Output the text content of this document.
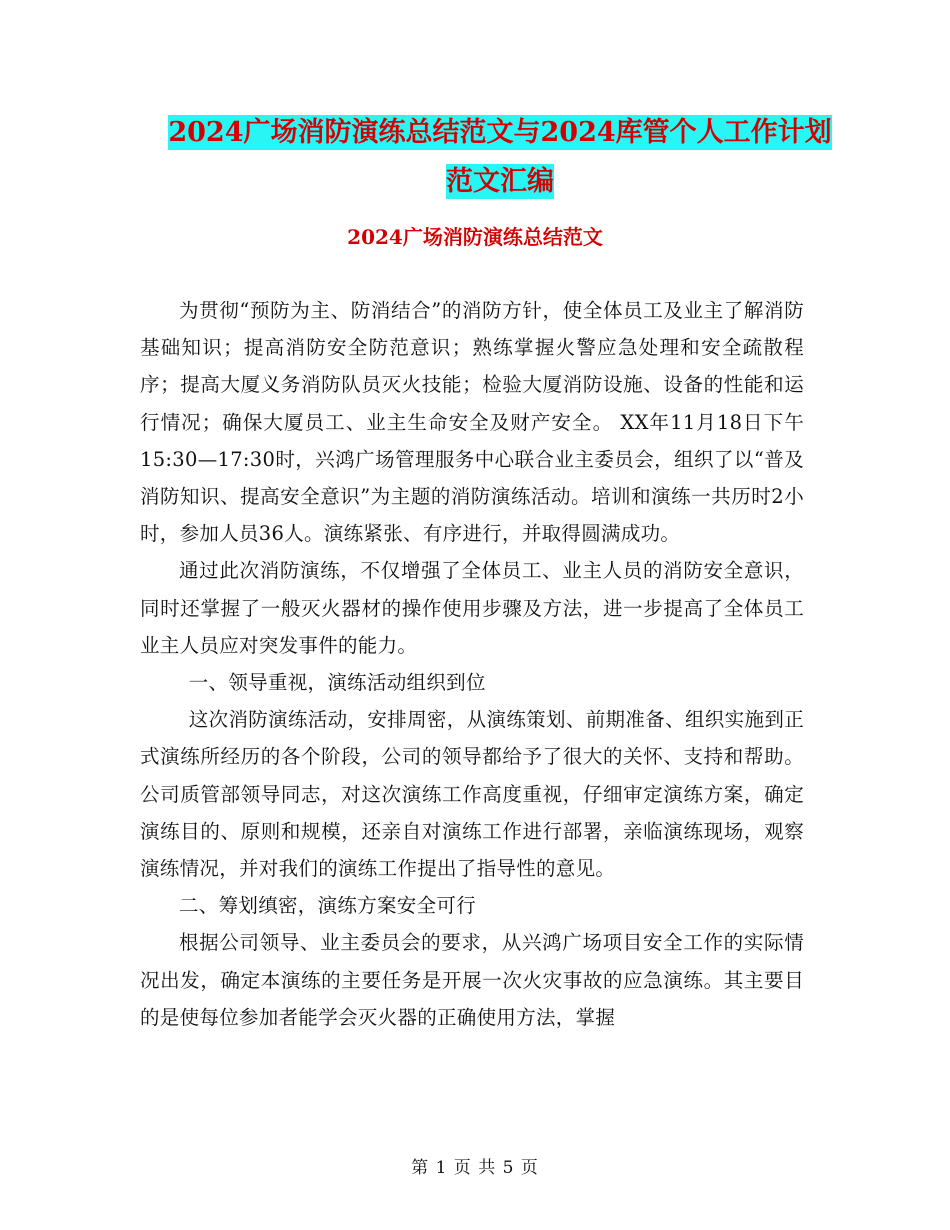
2024广场消防演练总结范文与2024库管个人工作计划
范文汇编
2024广场消防演练总结范文

为贯彻“预防为主、防消结合”的消防方针，使全体员工及业主了解消防基础知识；提高消防安全防范意识；熟练掌握火警应急处理和安全疏散程序；提高大厦义务消防队员灭火技能；检验大厦消防设施、设备的性能和运行情况；确保大厦员工、业主生命安全及财产安全。 XX年11月18日下午15:30—17:30时，兴鸿广场管理服务中心联合业主委员会，组织了以“普及消防知识、提高安全意识”为主题的消防演练活动。培训和演练一共历时2小时，参加人员36人。演练紧张、有序进行，并取得圆满成功。

通过此次消防演练，不仅增强了全体员工、业主人员的消防安全意识，同时还掌握了一般灭火器材的操作使用步骤及方法，进一步提高了全体员工业主人员应对突发事件的能力。

一、领导重视，演练活动组织到位

这次消防演练活动，安排周密，从演练策划、前期准备、组织实施到正式演练所经历的各个阶段，公司的领导都给予了很大的关怀、支持和帮助。公司质管部领导同志，对这次演练工作高度重视，仔细审定演练方案，确定演练目的、原则和规模，还亲自对演练工作进行部署，亲临演练现场，观察演练情况，并对我们的演练工作提出了指导性的意见。

二、筹划缜密，演练方案安全可行

根据公司领导、业主委员会的要求，从兴鸿广场项目安全工作的实际情况出发，确定本演练的主要任务是开展一次火灾事故的应急演练。其主要目的是使每位参加者能学会灭火器的正确使用方法，掌握

第 1 页 共 5 页
